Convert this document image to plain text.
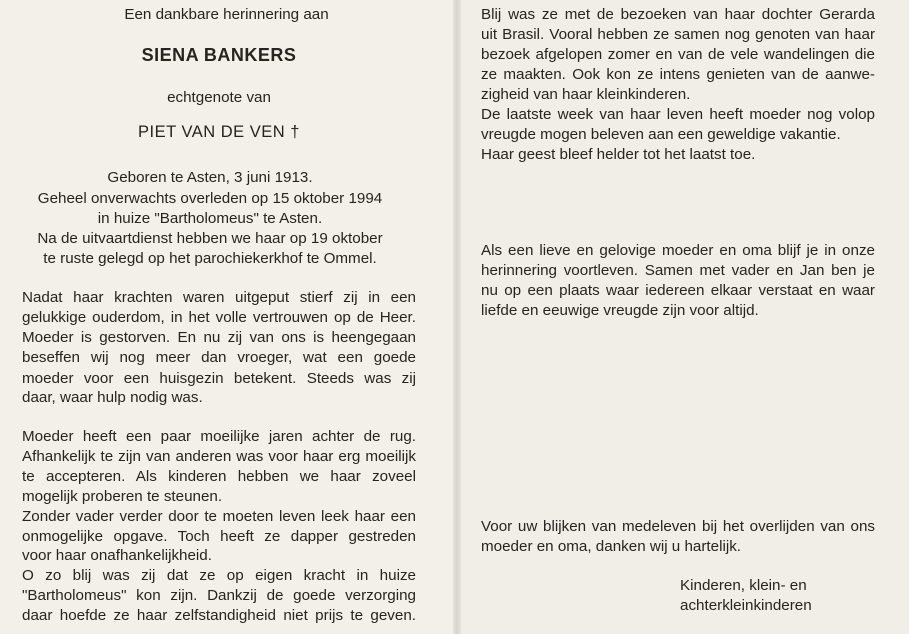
Een dankbare herinnering aan
SIENA BANKERS
echtgenote van
PIET VAN DE VEN †
Geboren te Asten, 3 juni 1913.
Geheel onverwachts overleden op 15 oktober 1994
in huize "Bartholomeus" te Asten.
Na de uitvaartdienst hebben we haar op 19 oktober
te ruste gelegd op het parochiekerkhof te Ommel.
Nadat haar krachten waren uitgeput stierf zij in een
gelukkige ouderdom, in het volle vertrouwen op de Heer.
Moeder is gestorven. En nu zij van ons is heengegaan
beseffen wij nog meer dan vroeger, wat een goede
moeder voor een huisgezin betekent. Steeds was zij
daar, waar hulp nodig was.
Moeder heeft een paar moeilijke jaren achter de rug.
Afhankelijk te zijn van anderen was voor haar erg moeilijk
te accepteren. Als kinderen hebben we haar zoveel
mogelijk proberen te steunen.
Zonder vader verder door te moeten leven leek haar een
onmogelijke opgave. Toch heeft ze dapper gestreden
voor haar onafhankelijkheid.
O zo blij was zij dat ze op eigen kracht in huize
"Bartholomeus" kon zijn. Dankzij de goede verzorging
daar hoefde ze haar zelfstandigheid niet prijs te geven.
Blij was ze met de bezoeken van haar dochter Gerarda
uit Brasil. Vooral hebben ze samen nog genoten van haar
bezoek afgelopen zomer en van de vele wandelingen die
ze maakten. Ook kon ze intens genieten van de aanwe-
zigheid van haar kleinkinderen.
De laatste week van haar leven heeft moeder nog volop
vreugde mogen beleven aan een geweldige vakantie.
Haar geest bleef helder tot het laatst toe.
Als een lieve en gelovige moeder en oma blijf je in onze
herinnering voortleven. Samen met vader en Jan ben je
nu op een plaats waar iedereen elkaar verstaat en waar
liefde en eeuwige vreugde zijn voor altijd.
Voor uw blijken van medeleven bij het overlijden van ons
moeder en oma, danken wij u hartelijk.
Kinderen, klein- en
achterkleinkinderen
